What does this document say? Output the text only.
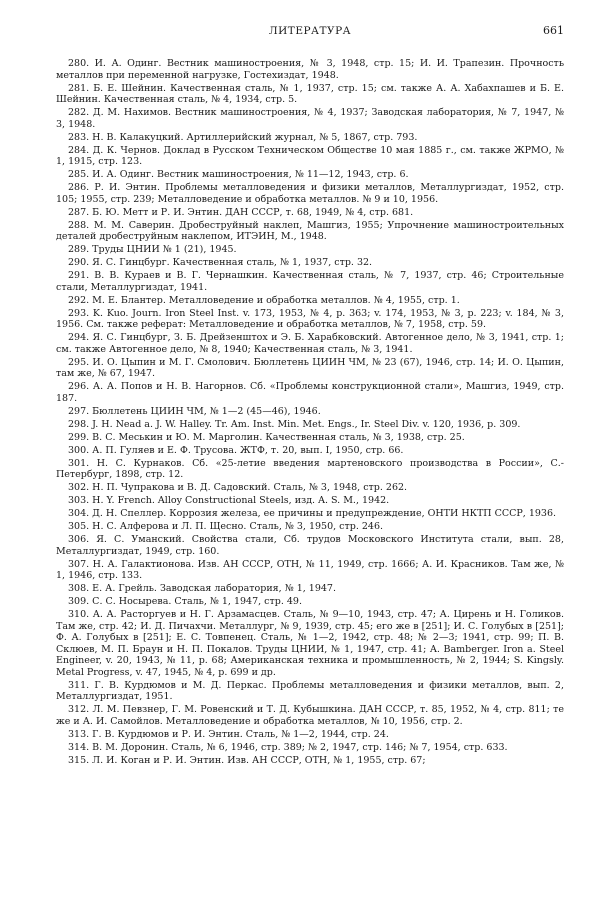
ЛИТЕРАТУРА	661

280. И. А. Одинг. Вестник машиностроения, № 3, 1948, стр. 15; И. И. Трапезин. Прочность металлов при переменной нагрузке, Гостехиздат, 1948.

281. Б. Е. Шейнин. Качественная сталь, № 1, 1937, стр. 15; см. также А. А. Хабахпашев и Б. Е. Шейнин. Качественная сталь, № 4, 1934, стр. 5.

282. Д. М. Нахимов. Вестник машиностроения, № 4, 1937; Заводская лаборатория, № 7, 1947, № 3, 1948.

283. Н. В. Калакуцкий. Артиллерийский журнал, № 5, 1867, стр. 793.

284. Д. К. Чернов. Доклад в Русском Техническом Обществе 10 мая 1885 г., см. также ЖРМО, № 1, 1915, стр. 123.

285. И. А. Одинг. Вестник машиностроения, № 11—12, 1943, стр. 6.

286. Р. И. Энтин. Проблемы металловедения и физики металлов, Металлургиздат, 1952, стр. 105; 1955, стр. 239; Металловедение и обработка металлов. № 9 и 10, 1956.

287. Б. Ю. Метт и Р. И. Энтин. ДАН СССР, т. 68, 1949, № 4, стр. 681.

288. М. М. Саверин. Дробеструйный наклеп, Машгиз, 1955; Упрочнение машиностроительных деталей дробеструйным наклепом, ИТЭИН, М., 1948.

289. Труды ЦНИИ № 1 (21), 1945.

290. Я. С. Гинцбург. Качественная сталь, № 1, 1937, стр. 32.

291. В. В. Кураев и В. Г. Чернашкин. Качественная сталь, № 7, 1937, стр. 46; Строительные стали, Металлургиздат, 1941.

292. М. Е. Блантер. Металловедение и обработка металлов. № 4, 1955, стр. 1.

293. K. Kuo. Journ. Iron Steel Inst. v. 173, 1953, № 4, p. 363; v. 174, 1953, № 3, p. 223; v. 184, № 3, 1956. См. также реферат: Металловедение и обработка металлов, № 7, 1958, стр. 59.

294. Я. С. Гинцбург, З. Б. Дрейзенштох и Э. Б. Харабковский. Автогенное дело, № 3, 1941, стр. 1; см. также Автогенное дело, № 8, 1940; Качественная сталь, № 3, 1941.

295. И. О. Цыпин и М. Г. Смолович. Бюллетень ЦИИН ЧМ, № 23 (67), 1946, стр. 14; И. О. Цыпин, там же, № 67, 1947.

296. А. А. Попов и Н. В. Нагорнов. Сб. «Проблемы конструкционной стали», Машгиз, 1949, стр. 187.

297. Бюллетень ЦИИН ЧМ, № 1—2 (45—46), 1946.

298. J. H. Nead a. J. W. Halley. Tr. Am. Inst. Min. Met. Engs., Ir. Steel Div. v. 120, 1936, p. 309.

299. В. С. Меськин и Ю. М. Марголин. Качественная сталь, № 3, 1938, стр. 25.

300. А. П. Гуляев и Е. Ф. Трусова. ЖТФ, т. 20, вып. I, 1950, стр. 66.

301. Н. С. Курнаков. Сб. «25-летие введения мартеновского производства в России», С.-Петербург, 1898, стр. 12.

302. Н. П. Чупракова и В. Д. Садовский. Сталь, № 3, 1948, стр. 262.

303. H. Y. French. Alloy Constructional Steels, изд. A. S. M., 1942.

304. Д. Н. Спеллер. Коррозия железа, ее причины и предупреждение, ОНТИ НКТП СССР, 1936.

305. Н. С. Алферова и Л. П. Щесно. Сталь, № 3, 1950, стр. 246.

306. Я. С. Уманский. Свойства стали, Сб. трудов Московского Института стали, вып. 28, Металлургиздат, 1949, стр. 160.

307. Н. А. Галактионова. Изв. АН СССР, ОТН, № 11, 1949, стр. 1666; А. И. Красников. Там же, № 1, 1946, стр. 133.

308. Е. А. Грейль. Заводская лаборатория, № 1, 1947.

309. С. С. Носырева. Сталь, № 1, 1947, стр. 49.

310. А. А. Расторгуев и Н. Г. Арзамасцев. Сталь, № 9—10, 1943, стр. 47; А. Цирень и Н. Голиков. Там же, стр. 42; И. Д. Пичахчи. Металлург, № 9, 1939, стр. 45; его же в [251]; И. С. Голубых в [251]; Ф. А. Голубых в [251]; Е. С. Товпенец. Сталь, № 1—2, 1942, стр. 48; № 2—3; 1941, стр. 99; П. В. Склюев, М. П. Браун и Н. П. Покалов. Труды ЦНИИ, № 1, 1947, стр. 41; A. Bamberger. Iron a. Steel Engineer, v. 20, 1943, № 11, p. 68; Американская техника и промышленность, № 2, 1944; S. Kingsly. Metal Progress, v. 47, 1945, № 4, p. 699 и др.

311. Г. В. Курдюмов и М. Д. Перкас. Проблемы металловедения и физики металлов, вып. 2, Металлургиздат, 1951.

312. Л. М. Певзнер, Г. М. Ровенский и Т. Д. Кубышкина. ДАН СССР, т. 85, 1952, № 4, стр. 811; те же и А. И. Самойлов. Металловедение и обработка металлов, № 10, 1956, стр. 2.

313. Г. В. Курдюмов и Р. И. Энтин. Сталь, № 1—2, 1944, стр. 24.

314. В. М. Доронин. Сталь, № 6, 1946, стр. 389; № 2, 1947, стр. 146; № 7, 1954, стр. 633.

315. Л. И. Коган и Р. И. Энтин. Изв. АН СССР, ОТН, № 1, 1955, стр. 67;
